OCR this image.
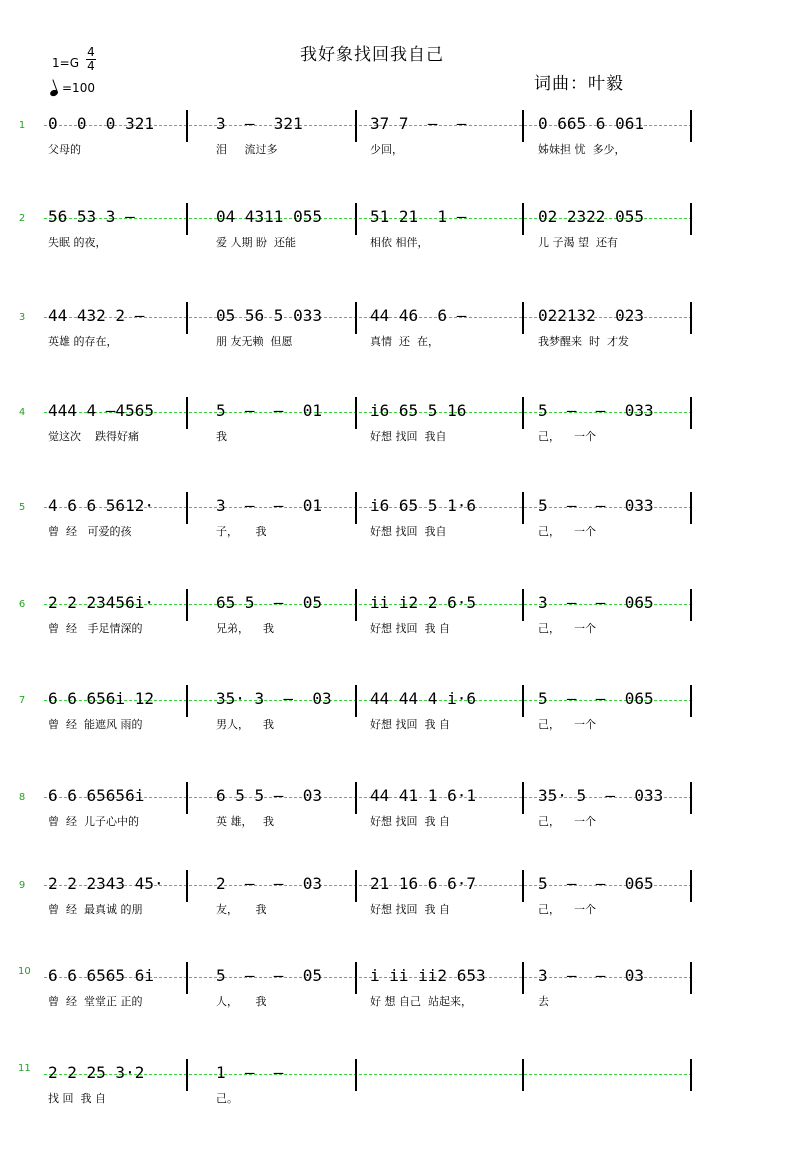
我好象找回我自己
词曲：叶毅
1=G
4
4
=100
1 0  0  0 321
父母的
3  –  321
泪     流过多
37 7  –  –
少回，
0 665 6 061
姊妹担 忧  多少，
2 56 53 3 –
失眠 的夜，
04 4311 055
爱 人期 盼  还能
51 21  1 –
相依 相伴，
02 2322 055
儿 子渴 望  还有
3 44 432 2 –
英雄 的存在，
05 56 5 033
朋 友无赖  但愿
44 46  6 –
真情  还  在，
022132  023
我梦醒来  时  才发
4 444 4 –4565
觉这次    跌得好痛
5  –  –  01
我
i6 65 5 16
好想 找回  我自
5  –  –  033
己，    一个
5 4 6 6 5612·
曾  经   可爱的孩
3  –  –  01
子，     我
i6 65 5 1·6
好想 找回  我自
5  –  –  033
己，    一个
6 2 2 23456i·
曾  经   手足情深的
65 5  –  05
兄弟，    我
ii i2 2 6·5
好想 找回  我 自
3  –  –  065
己，    一个
7 6 6 656i 12
曾  经  能遮风 雨的
35· 3  –  03
男人，    我
44 44 4 i·6
好想 找回  我 自
5  –  –  065
己，    一个
8 6 6 65656i
曾  经  儿子心中的
6 5 5 –  03
英 雄，   我
44 41 1 6·1
好想 找回  我 自
35· 5  –  033
己，    一个
9 2 2 2343 45·
曾  经  最真诚 的朋
2  –  –  03
友，     我
21 16 6 6·7
好想 找回  我 自
5  –  –  065
己，    一个
10 6 6 6565 6i
曾  经  堂堂正 正的
5  –  –  05
人，     我
i ii ii2 653
好 想 自己  站起来，
3  –  –  03
去
11 2 2 25 3·2
找 回  我 自
1  –  –
己。
